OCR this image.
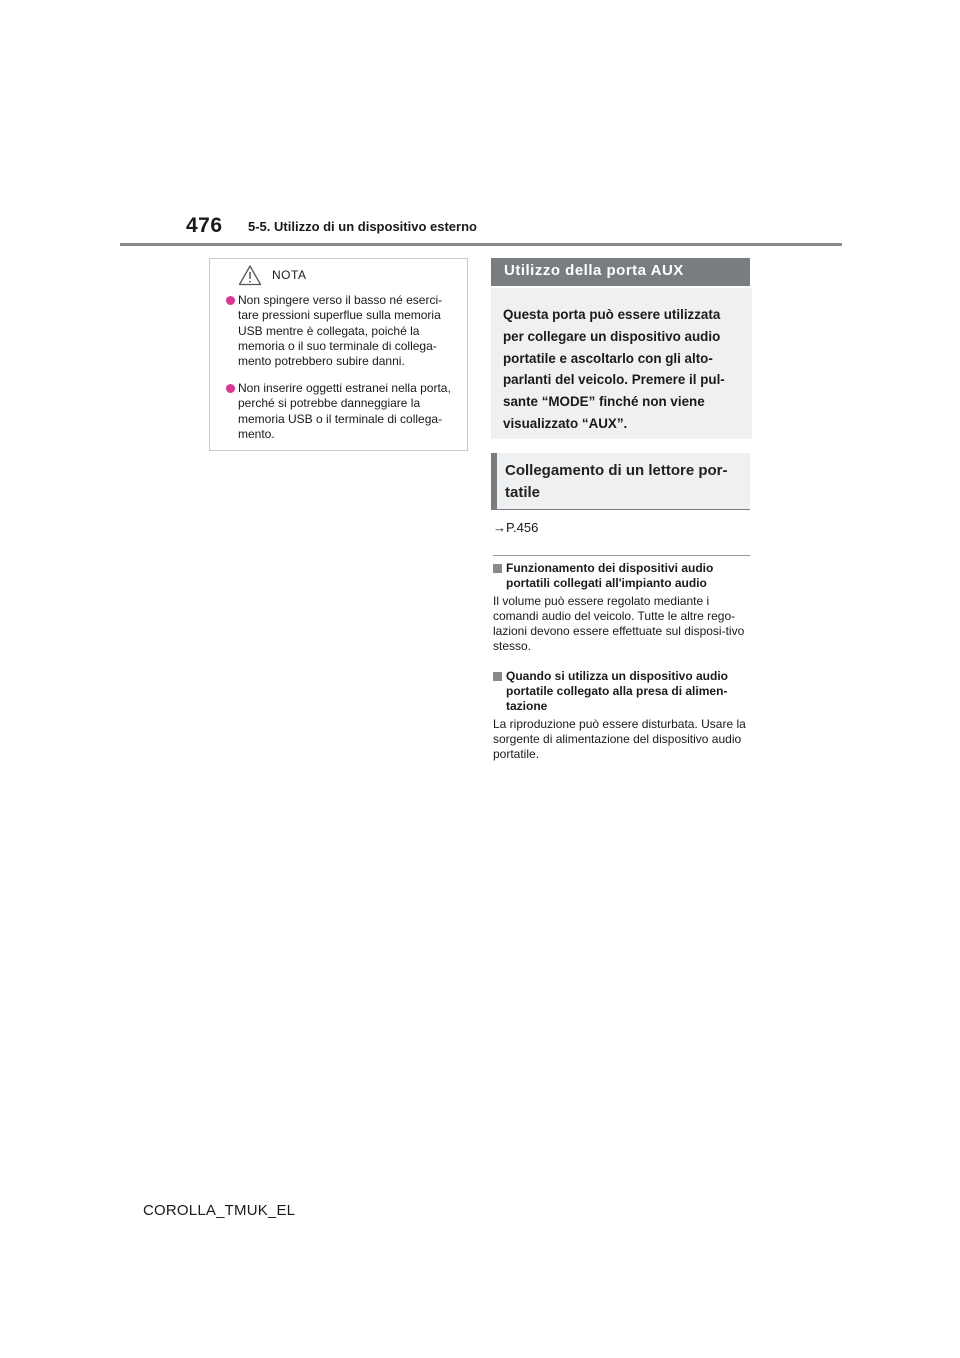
476 5-5. Utilizzo di un dispositivo esterno
NOTA
Non spingere verso il basso né eserci-tare pressioni superflue sulla memoria USB mentre è collegata, poiché la memoria o il suo terminale di collega-mento potrebbero subire danni.
Non inserire oggetti estranei nella porta, perché si potrebbe danneggiare la memoria USB o il terminale di collega-mento.
Utilizzo della porta AUX
Questa porta può essere utilizzata per collegare un dispositivo audio portatile e ascoltarlo con gli alto-parlanti del veicolo. Premere il pul-sante “MODE” finché non viene visualizzato “AUX”.
Collegamento di un lettore por-tatile
→P.456
Funzionamento dei dispositivi audio portatili collegati all'impianto audio
Il volume può essere regolato mediante i comandi audio del veicolo. Tutte le altre rego-lazioni devono essere effettuate sul disposi-tivo stesso.
Quando si utilizza un dispositivo audio portatile collegato alla presa di alimen-tazione
La riproduzione può essere disturbata. Usare la sorgente di alimentazione del dispositivo audio portatile.
COROLLA_TMUK_EL
